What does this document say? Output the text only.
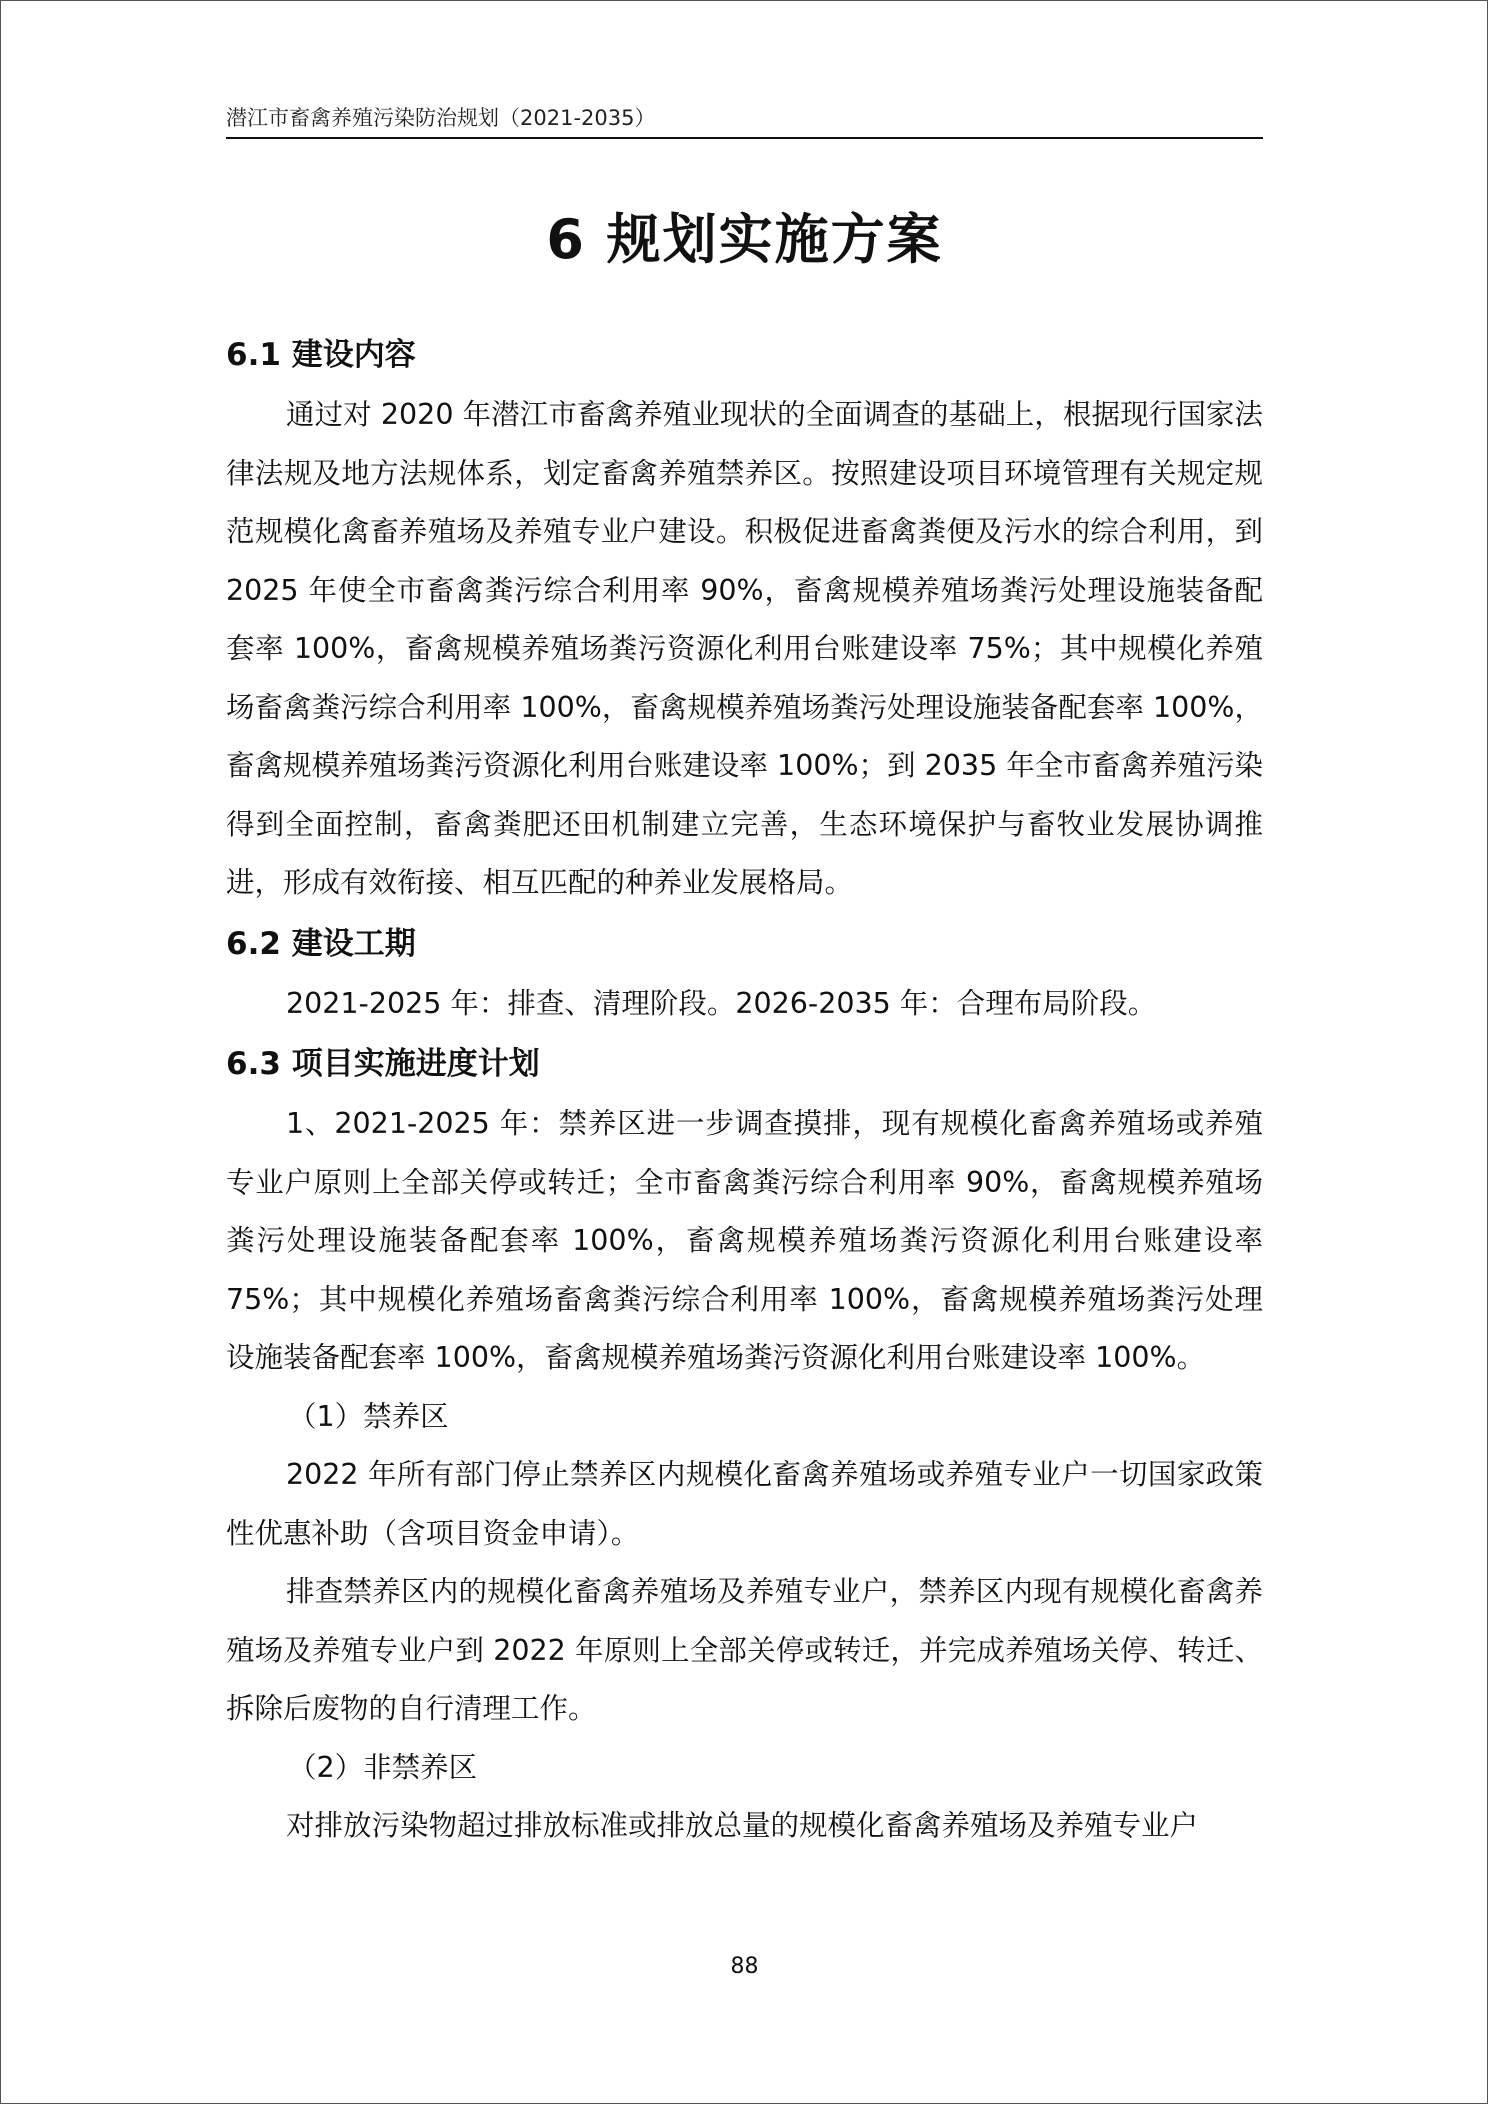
潜江市畜禽养殖污染防治规划（2021-2035）
6 规划实施方案
6.1 建设内容

通过对 2020 年潜江市畜禽养殖业现状的全面调查的基础上，根据现行国家法律法规及地方法规体系，划定畜禽养殖禁养区。按照建设项目环境管理有关规定规范规模化禽畜养殖场及养殖专业户建设。积极促进畜禽粪便及污水的综合利用，到 2025 年使全市畜禽粪污综合利用率 90%，畜禽规模养殖场粪污处理设施装备配套率 100%，畜禽规模养殖场粪污资源化利用台账建设率 75%；其中规模化养殖场畜禽粪污综合利用率 100%，畜禽规模养殖场粪污处理设施装备配套率 100%，畜禽规模养殖场粪污资源化利用台账建设率 100%；到 2035 年全市畜禽养殖污染得到全面控制，畜禽粪肥还田机制建立完善，生态环境保护与畜牧业发展协调推进，形成有效衔接、相互匹配的种养业发展格局。

6.2 建设工期

2021-2025 年：排查、清理阶段。2026-2035 年：合理布局阶段。

6.3 项目实施进度计划

1、2021-2025 年：禁养区进一步调查摸排，现有规模化畜禽养殖场或养殖专业户原则上全部关停或转迁；全市畜禽粪污综合利用率 90%，畜禽规模养殖场粪污处理设施装备配套率 100%，畜禽规模养殖场粪污资源化利用台账建设率 75%；其中规模化养殖场畜禽粪污综合利用率 100%，畜禽规模养殖场粪污处理设施装备配套率 100%，畜禽规模养殖场粪污资源化利用台账建设率 100%。

（1）禁养区

2022 年所有部门停止禁养区内规模化畜禽养殖场或养殖专业户一切国家政策性优惠补助（含项目资金申请）。

排查禁养区内的规模化畜禽养殖场及养殖专业户，禁养区内现有规模化畜禽养殖场及养殖专业户到 2022 年原则上全部关停或转迁，并完成养殖场关停、转迁、拆除后废物的自行清理工作。

（2）非禁养区

对排放污染物超过排放标准或排放总量的规模化畜禽养殖场及养殖专业户

88
